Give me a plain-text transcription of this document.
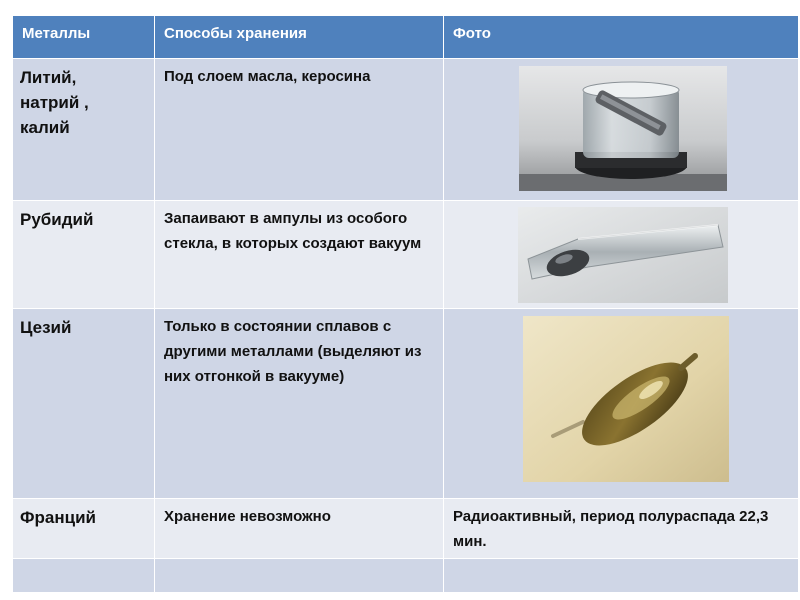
Металлы	Способы хранения	Фото

Литий,
натрий ,
калий	Под слоем масла, керосина

Рубидий	Запаивают в ампулы из особого стекла, в которых создают вакуум

Цезий	Только в состоянии сплавов с другими металлами (выделяют из них отгонкой в вакууме)

Франций	Хранение невозможно	Радиоактивный, период полураспада 22,3 мин.
